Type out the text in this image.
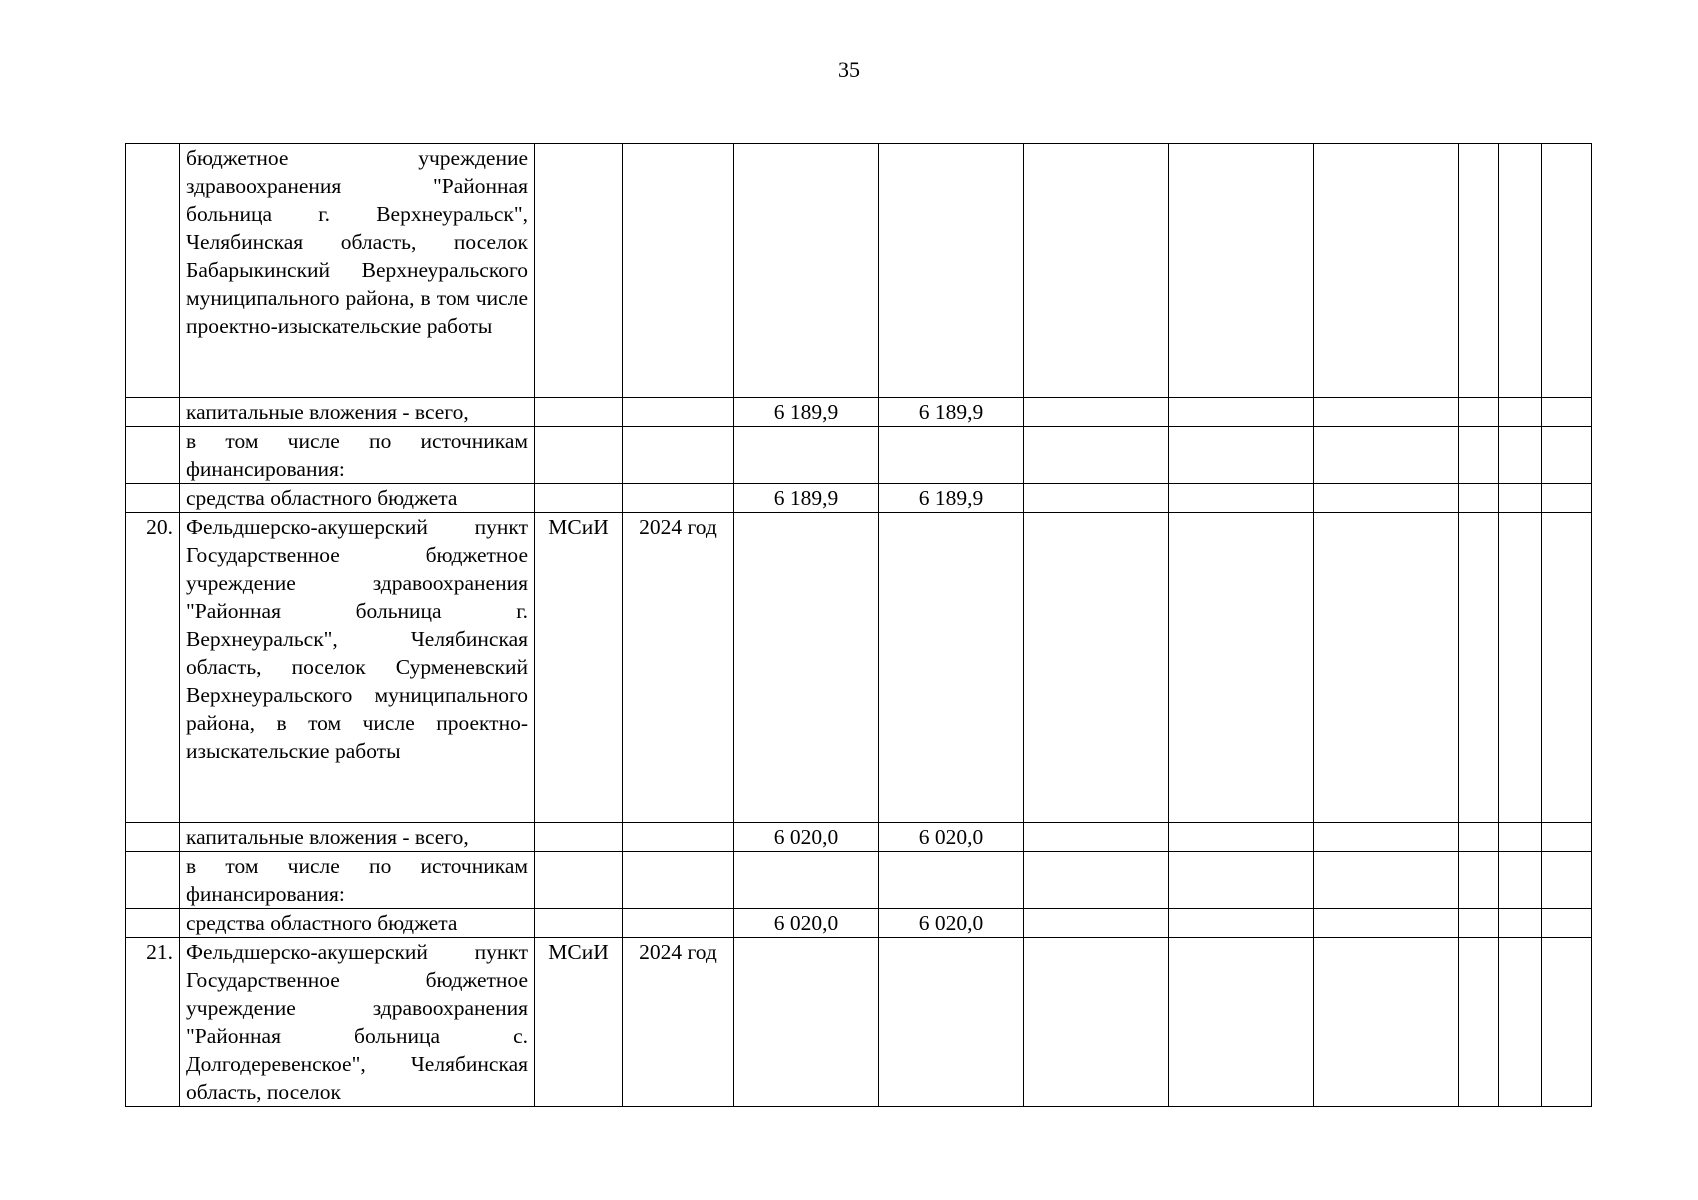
35
	бюджетное учреждение здравоохранения "Районная больница г. Верхнеуральск", Челябинская область, поселок Бабарыкинский Верхнеуральского муниципального района, в том числе проектно-изыскательские работы										
	капитальные вложения - всего,			6 189,9	6 189,9						
	в том числе по источникам финансирования:										
	средства областного бюджета			6 189,9	6 189,9						
20.	Фельдшерско-акушерский пункт Государственное бюджетное учреждение здравоохранения "Районная больница г. Верхнеуральск", Челябинская область, поселок Сурменевский Верхнеуральского муниципального района, в том числе проектно-изыскательские работы	МСиИ	2024 год								
	капитальные вложения - всего,			6 020,0	6 020,0						
	в том числе по источникам финансирования:										
	средства областного бюджета			6 020,0	6 020,0						
21.	Фельдшерско-акушерский пункт Государственное бюджетное учреждение здравоохранения "Районная больница с. Долгодеревенское", Челябинская область, поселок	МСиИ	2024 год								
